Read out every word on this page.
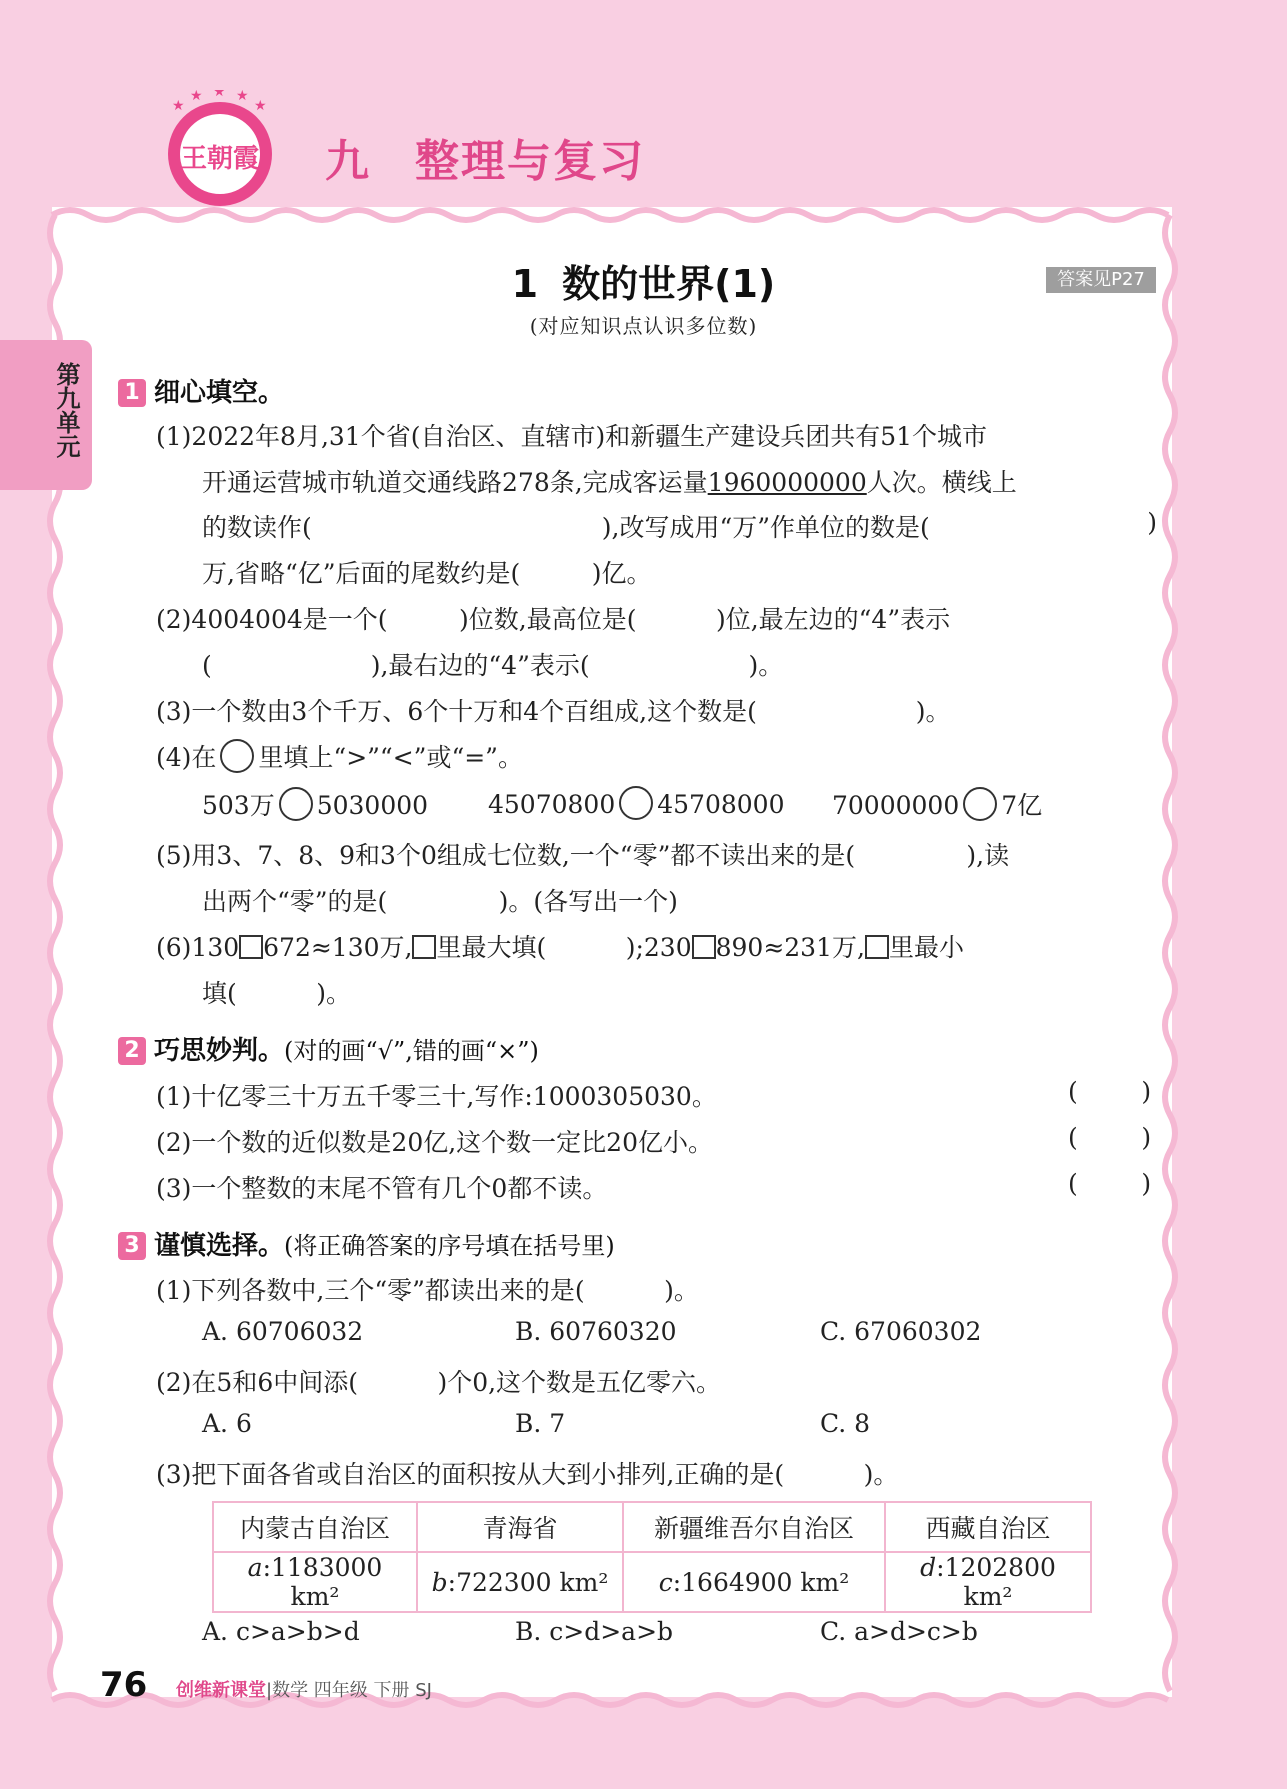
★
★ ★ ★
★
王朝霞 九 整理与复习
第九单元
1 数的世界(1)	答案见P27
(对应知识点认识多位数)
1 细心填空。
(1)2022年8月,31个省(自治区、直辖市)和新疆生产建设兵团共有51个城市
开通运营城市轨道交通线路278条,完成客运量1960000000人次。横线上
的数读作(	),改写成用“万”作单位的数是(	)
万,省略“亿”后面的尾数约是(         )亿。
(2)4004004是一个(         )位数,最高位是(          )位,最左边的“4”表示
(                    ),最右边的“4”表示(                    )。
(3)一个数由3个千万、6个十万和4个百组成,这个数是(                    )。
(4)在 里填上“>”“<”或“=”。
503万 5030000 45070800 45708000 70000000 7亿
(5)用3、7、8、9和3个0组成七位数,一个“零”都不读出来的是(              ),读
出两个“零”的是(              )。(各写出一个)
(6)130 672≈130万, 里最大填(          );230 890≈231万, 里最小
填(          )。
2 巧思妙判。(对的画“√”,错的画“×”)
(1)十亿零三十万五千零三十,写作:1000305030。	(        )
(2)一个数的近似数是20亿,这个数一定比20亿小。	(        )
(3)一个整数的末尾不管有几个0都不读。	(        )
3 谨慎选择。(将正确答案的序号填在括号里)
(1)下列各数中,三个“零”都读出来的是(          )。
A. 60706032	B. 60760320	C. 67060302
(2)在5和6中间添(          )个0,这个数是五亿零六。
A. 6	B. 7	C. 8
(3)把下面各省或自治区的面积按从大到小排列,正确的是(          )。
内蒙古自治区	青海省	新疆维吾尔自治区	西藏自治区
a:1183000 km²	b:722300 km²	c:1664900 km²	d:1202800 km²
A. c>a>b>d	B. c>d>a>b	C. a>d>c>b
76 创维新课堂|数学 四年级 下册 SJ
